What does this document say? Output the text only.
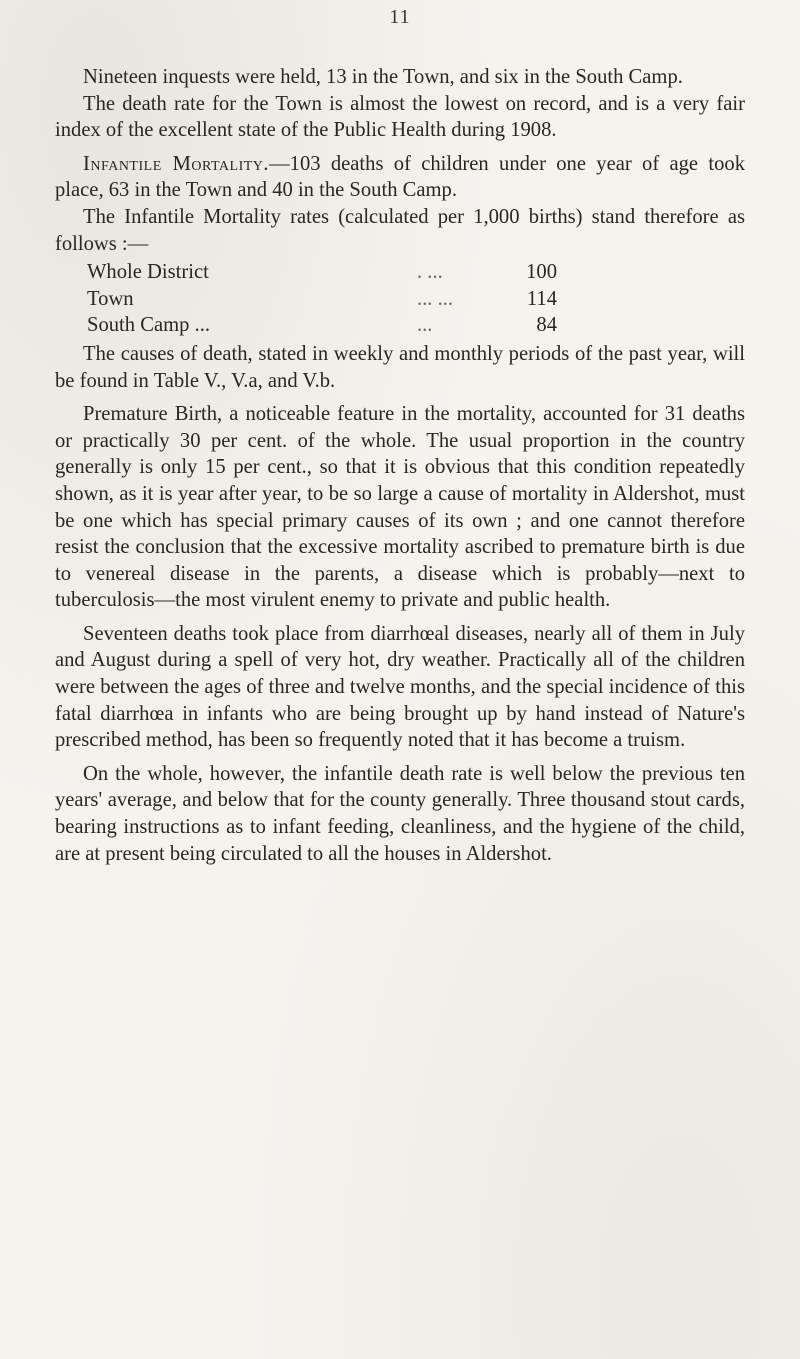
11

Nineteen inquests were held, 13 in the Town, and six in the South Camp.

The death rate for the Town is almost the lowest on record, and is a very fair index of the excellent state of the Public Health during 1908.

Infantile Mortality.—103 deaths of children under one year of age took place, 63 in the Town and 40 in the South Camp.

The Infantile Mortality rates (calculated per 1,000 births) stand therefore as follows :—

Whole District	. ...	100
Town	... ...	114
South Camp ...	...	84

The causes of death, stated in weekly and monthly periods of the past year, will be found in Table V., V.a, and V.b.

Premature Birth, a noticeable feature in the mortality, accounted for 31 deaths or practically 30 per cent. of the whole. The usual proportion in the country generally is only 15 per cent., so that it is obvious that this condition repeatedly shown, as it is year after year, to be so large a cause of mortality in Aldershot, must be one which has special primary causes of its own ; and one cannot therefore resist the conclusion that the excessive mortality ascribed to premature birth is due to venereal disease in the parents, a disease which is probably—next to tuberculosis—the most virulent enemy to private and public health.

Seventeen deaths took place from diarrhœal diseases, nearly all of them in July and August during a spell of very hot, dry weather. Practically all of the children were between the ages of three and twelve months, and the special incidence of this fatal diarrhœa in infants who are being brought up by hand instead of Nature's prescribed method, has been so frequently noted that it has become a truism.

On the whole, however, the infantile death rate is well below the previous ten years' average, and below that for the county generally. Three thousand stout cards, bearing instructions as to infant feeding, cleanliness, and the hygiene of the child, are at present being circulated to all the houses in Aldershot.
